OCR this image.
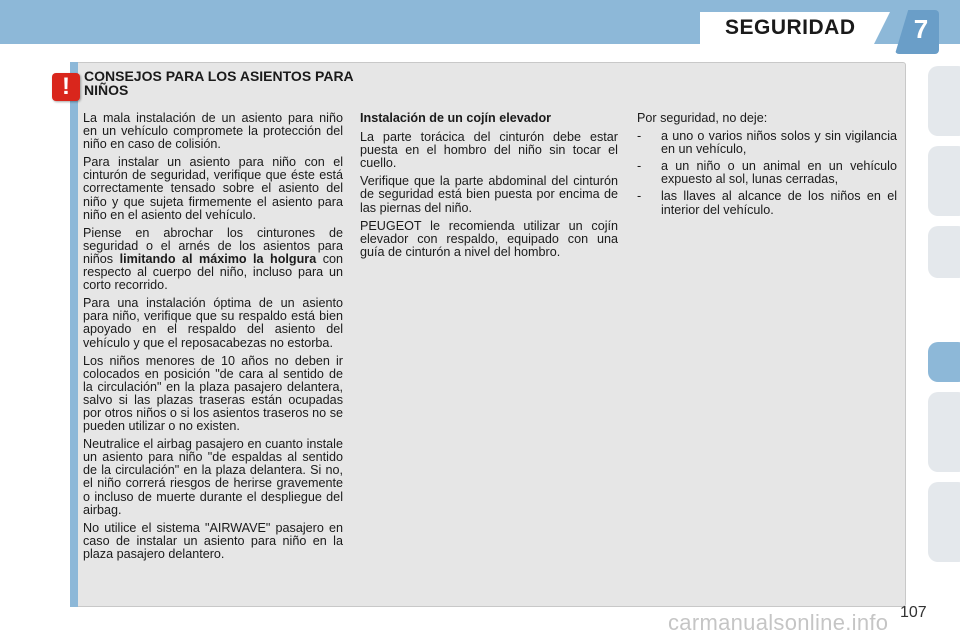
SEGURIDAD	7
!	CONSEJOS PARA LOS ASIENTOS PARA NIÑOS

La mala instalación de un asiento para niño en un vehículo compromete la protección del niño en caso de colisión.

Para instalar un asiento para niño con el cinturón de seguridad, verifique que éste está correctamente tensado sobre el asiento del niño y que sujeta firmemente el asiento para niño en el asiento del vehículo.

Piense en abrochar los cinturones de seguridad o el arnés de los asientos para niños limitando al máximo la holgura con respecto al cuerpo del niño, incluso para un corto recorrido.

Para una instalación óptima de un asiento para niño, verifique que su respaldo está bien apoyado en el respaldo del asiento del vehículo y que el reposacabezas no estorba.

Los niños menores de 10 años no deben ir colocados en posición "de cara al sentido de la circulación" en la plaza pasajero delantera, salvo si las plazas traseras están ocupadas por otros niños o si los asientos traseros no se pueden utilizar o no existen.

Neutralice el airbag pasajero en cuanto instale un asiento para niño "de espaldas al sentido de la circulación" en la plaza delantera. Si no, el niño correrá riesgos de herirse gravemente o incluso de muerte durante el despliegue del airbag.

No utilice el sistema "AIRWAVE" pasajero en caso de instalar un asiento para niño en la plaza pasajero delantero.

Instalación de un cojín elevador

La parte torácica del cinturón debe estar puesta en el hombro del niño sin tocar el cuello.

Verifique que la parte abdominal del cinturón de seguridad está bien puesta por encima de las piernas del niño.

PEUGEOT le recomienda utilizar un cojín elevador con respaldo, equipado con una guía de cinturón a nivel del hombro.

Por seguridad, no deje:

-	a uno o varios niños solos y sin vigilancia en un vehículo,
-	a un niño o un animal en un vehículo expuesto al sol, lunas cerradas,
-	las llaves al alcance de los niños en el interior del vehículo.
107
carmanualsonline.info
